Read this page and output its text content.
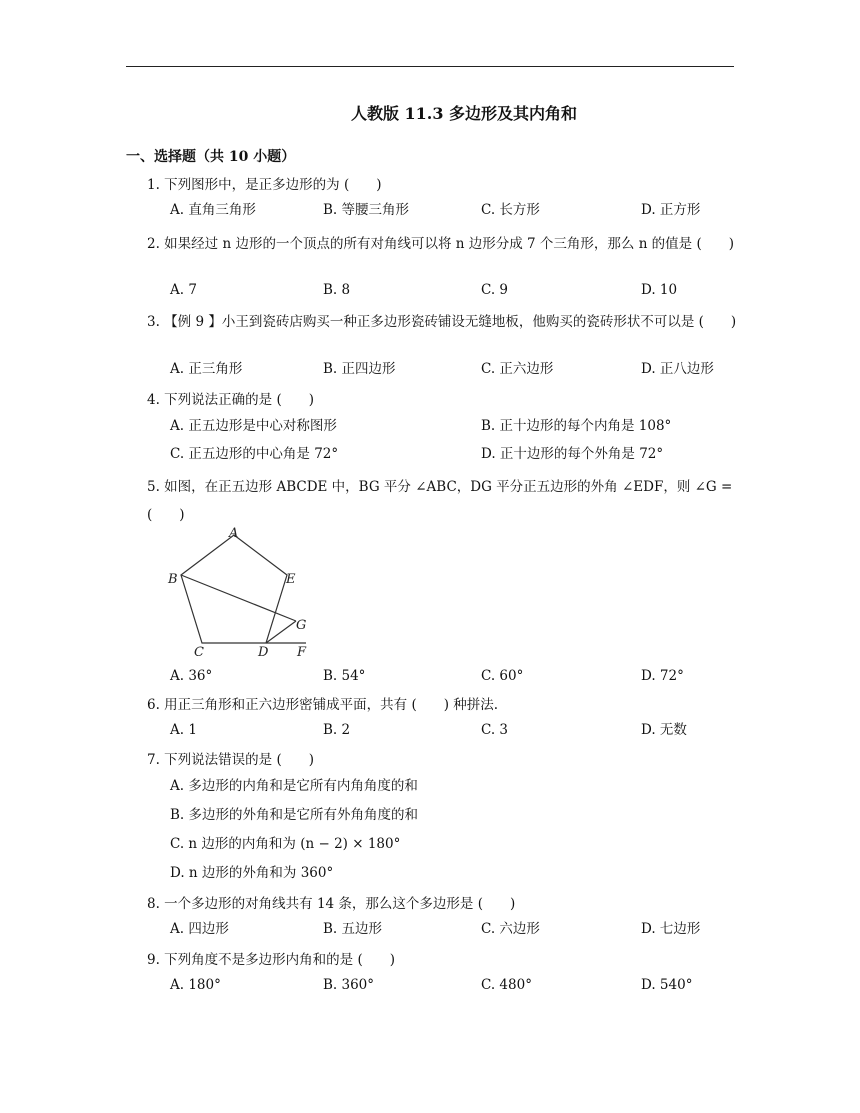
人教版 11.3 多边形及其内角和
一、选择题（共 10 小题）
1. 下列图形中，是正多边形的为 (　　)
A. 直角三角形	B. 等腰三角形	C. 长方形	D. 正方形
2. 如果经过 n 边形的一个顶点的所有对角线可以将 n 边形分成 7 个三角形，那么 n 的值是 (　　)
A. 7	B. 8	C. 9	D. 10
3. 【例 9 】小王到瓷砖店购买一种正多边形瓷砖铺设无缝地板，他购买的瓷砖形状不可以是 (　　)
A. 正三角形	B. 正四边形	C. 正六边形	D. 正八边形
4. 下列说法正确的是 (　　)
A. 正五边形是中心对称图形	B. 正十边形的每个内角是 108°
C. 正五边形的中心角是 72°	D. 正十边形的每个外角是 72°
5. 如图，在正五边形 ABCDE 中，BG 平分 ∠ABC，DG 平分正五边形的外角 ∠EDF，则 ∠G = (　　)
A
B
C	D
E
F
G
A. 36°	B. 54°	C. 60°	D. 72°
6. 用正三角形和正六边形密铺成平面，共有 (　　) 种拼法.
A. 1	B. 2	C. 3	D. 无数
7. 下列说法错误的是 (　　)
A. 多边形的内角和是它所有内角角度的和
B. 多边形的外角和是它所有外角角度的和
C. n 边形的内角和为 (n − 2) × 180°
D. n 边形的外角和为 360°
8. 一个多边形的对角线共有 14 条，那么这个多边形是 (　　)
A. 四边形	B. 五边形	C. 六边形	D. 七边形
9. 下列角度不是多边形内角和的是 (　　)
A. 180°	B. 360°	C. 480°	D. 540°
